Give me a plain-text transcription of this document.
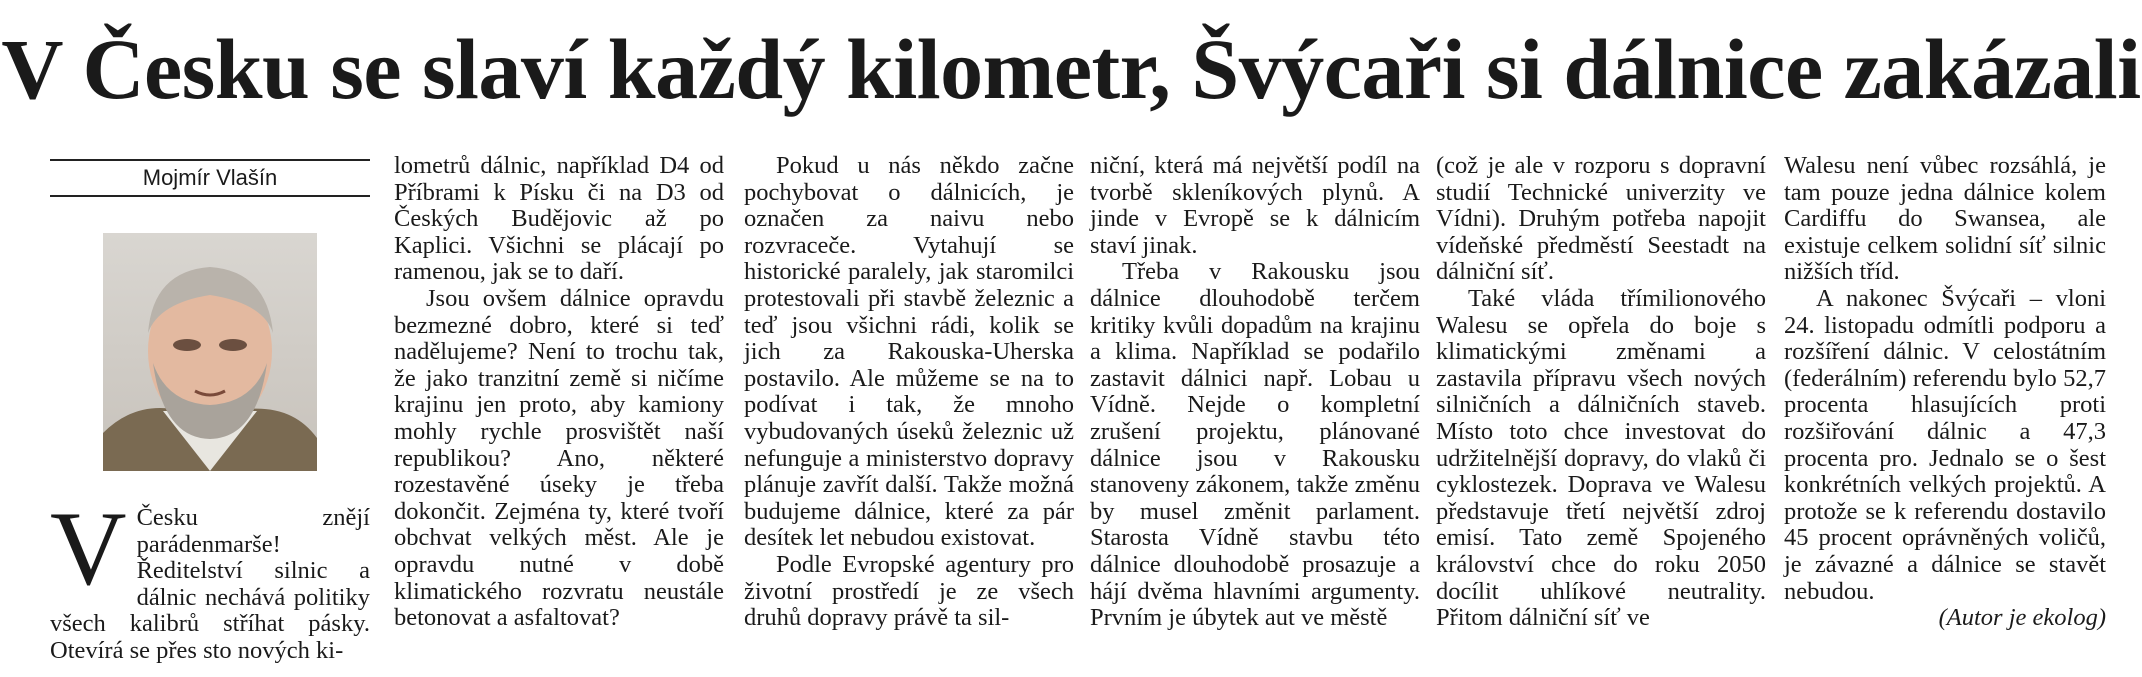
V Česku se slaví každý kilometr, Švýcaři si dálnice zakázali
Mojmír Vlašín
V Česku znějí parádenmarše! Ředitelství silnic a dálnic nechává politiky všech kalibrů stříhat pásky. Otevírá se přes sto nových ki-

lometrů dálnic, například D4 od Příbrami k Písku či na D3 od Českých Budějovic až po Kaplici. Všichni se plácají po ramenou, jak se to daří.

Jsou ovšem dálnice opravdu bezmezné dobro, které si teď nadělujeme? Není to trochu tak, že jako tranzitní země si ničíme krajinu jen proto, aby kamiony mohly rychle prosvištět naší republikou? Ano, některé rozestavěné úseky je třeba dokončit. Zejména ty, které tvoří obchvat velkých měst. Ale je opravdu nutné v době klimatického rozvratu neustále betonovat a asfaltovat?

Pokud u nás někdo začne pochybovat o dálnicích, je označen za naivu nebo rozvraceče. Vytahují se historické paralely, jak staromilci protestovali při stavbě železnic a teď jsou všichni rádi, kolik se jich za Rakouska-Uherska postavilo. Ale můžeme se na to podívat i tak, že mnoho vybudovaných úseků železnic už nefunguje a ministerstvo dopravy plánuje zavřít další. Takže možná budujeme dálnice, které za pár desítek let nebudou existovat.

Podle Evropské agentury pro životní prostředí je ze všech druhů dopravy právě ta sil-

niční, která má největší podíl na tvorbě skleníkových plynů. A jinde v Evropě se k dálnicím staví jinak.

Třeba v Rakousku jsou dálnice dlouhodobě terčem kritiky kvůli dopadům na krajinu a klima. Například se podařilo zastavit dálnici např. Lobau u Vídně. Nejde o kompletní zrušení projektu, plánované dálnice jsou v Rakousku stanoveny zákonem, takže změnu by musel změnit parlament. Starosta Vídně stavbu této dálnice dlouhodobě prosazuje a hájí dvěma hlavními argumenty. Prvním je úbytek aut ve městě

(což je ale v rozporu s dopravní studií Technické univerzity ve Vídni). Druhým potřeba napojit vídeňské předměstí Seestadt na dálniční síť.

Také vláda třímilionového Walesu se opřela do boje s klimatickými změnami a zastavila přípravu všech nových silničních a dálničních staveb. Místo toto chce investovat do udržitelnější dopravy, do vlaků či cyklostezek. Doprava ve Walesu představuje třetí největší zdroj emisí. Tato země Spojeného království chce do roku 2050 docílit uhlíkové neutrality. Přitom dálniční síť ve

Walesu není vůbec rozsáhlá, je tam pouze jedna dálnice kolem Cardiffu do Swansea, ale existuje celkem solidní síť silnic nižších tříd.

A nakonec Švýcaři – vloni 24. listopadu odmítli podporu a rozšíření dálnic. V celostátním (federálním) referendu bylo 52,7 procenta hlasujících proti rozšiřování dálnic a 47,3 procenta pro. Jednalo se o šest konkrétních velkých projektů. A protože se k referendu dostavilo 45 procent oprávněných voličů, je závazné a dálnice se stavět nebudou.

(Autor je ekolog)
